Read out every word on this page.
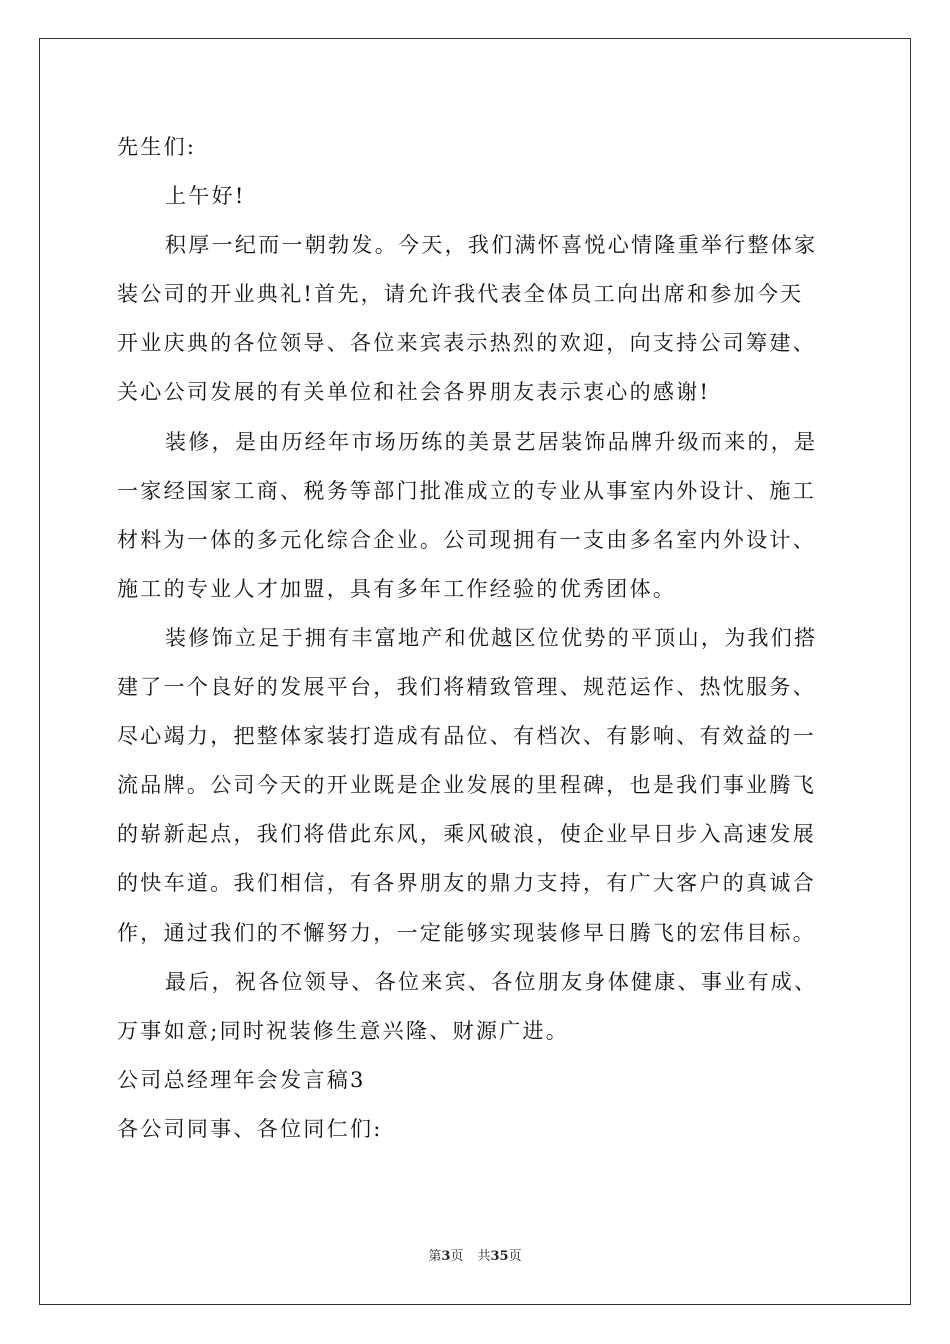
先生们:
上午好!
积厚一纪而一朝勃发。今天，我们满怀喜悦心情隆重举行整体家
装公司的开业典礼!首先，请允许我代表全体员工向出席和参加今天
开业庆典的各位领导、各位来宾表示热烈的欢迎，向支持公司筹建、
关心公司发展的有关单位和社会各界朋友表示衷心的感谢!
装修，是由历经年市场历练的美景艺居装饰品牌升级而来的，是
一家经国家工商、税务等部门批准成立的专业从事室内外设计、施工
材料为一体的多元化综合企业。公司现拥有一支由多名室内外设计、
施工的专业人才加盟，具有多年工作经验的优秀团体。
装修饰立足于拥有丰富地产和优越区位优势的平顶山，为我们搭
建了一个良好的发展平台，我们将精致管理、规范运作、热忱服务、
尽心竭力，把整体家装打造成有品位、有档次、有影响、有效益的一
流品牌。公司今天的开业既是企业发展的里程碑，也是我们事业腾飞
的崭新起点，我们将借此东风，乘风破浪，使企业早日步入高速发展
的快车道。我们相信，有各界朋友的鼎力支持，有广大客户的真诚合
作，通过我们的不懈努力，一定能够实现装修早日腾飞的宏伟目标。
最后，祝各位领导、各位来宾、各位朋友身体健康、事业有成、
万事如意;同时祝装修生意兴隆、财源广进。
公司总经理年会发言稿3
各公司同事、各位同仁们:
第3页 共35页
